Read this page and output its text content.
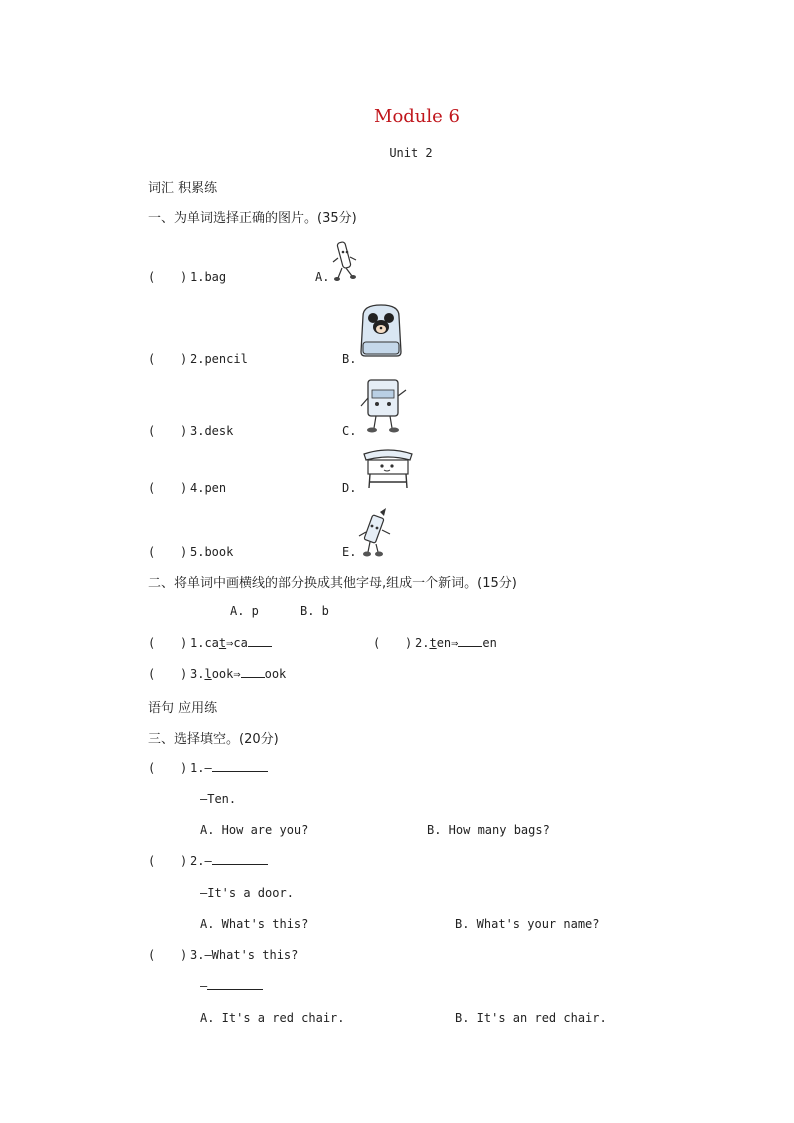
Module 6
Unit 2
词汇 积累练
一、为单词选择正确的图片。(35分)
( ) 1.bag	A.
( ) 2.pencil	B.
( ) 3.desk	C.
( ) 4.pen	D.
( ) 5.book	E.
二、将单词中画横线的部分换成其他字母,组成一个新词。(15分)
A. p	B. b
( ) 1.cat⇒ca	( ) 2.ten⇒ en
( ) 3.look⇒ ook
语句 应用练
三、选择填空。(20分)
( ) 1.—
—Ten.
A. How are you?	B. How many bags?
( ) 2.—
—It's a door.
A. What's this?	B. What's your name?
( ) 3.—What's this?
—
A. It's a red chair.	B. It's an red chair.
